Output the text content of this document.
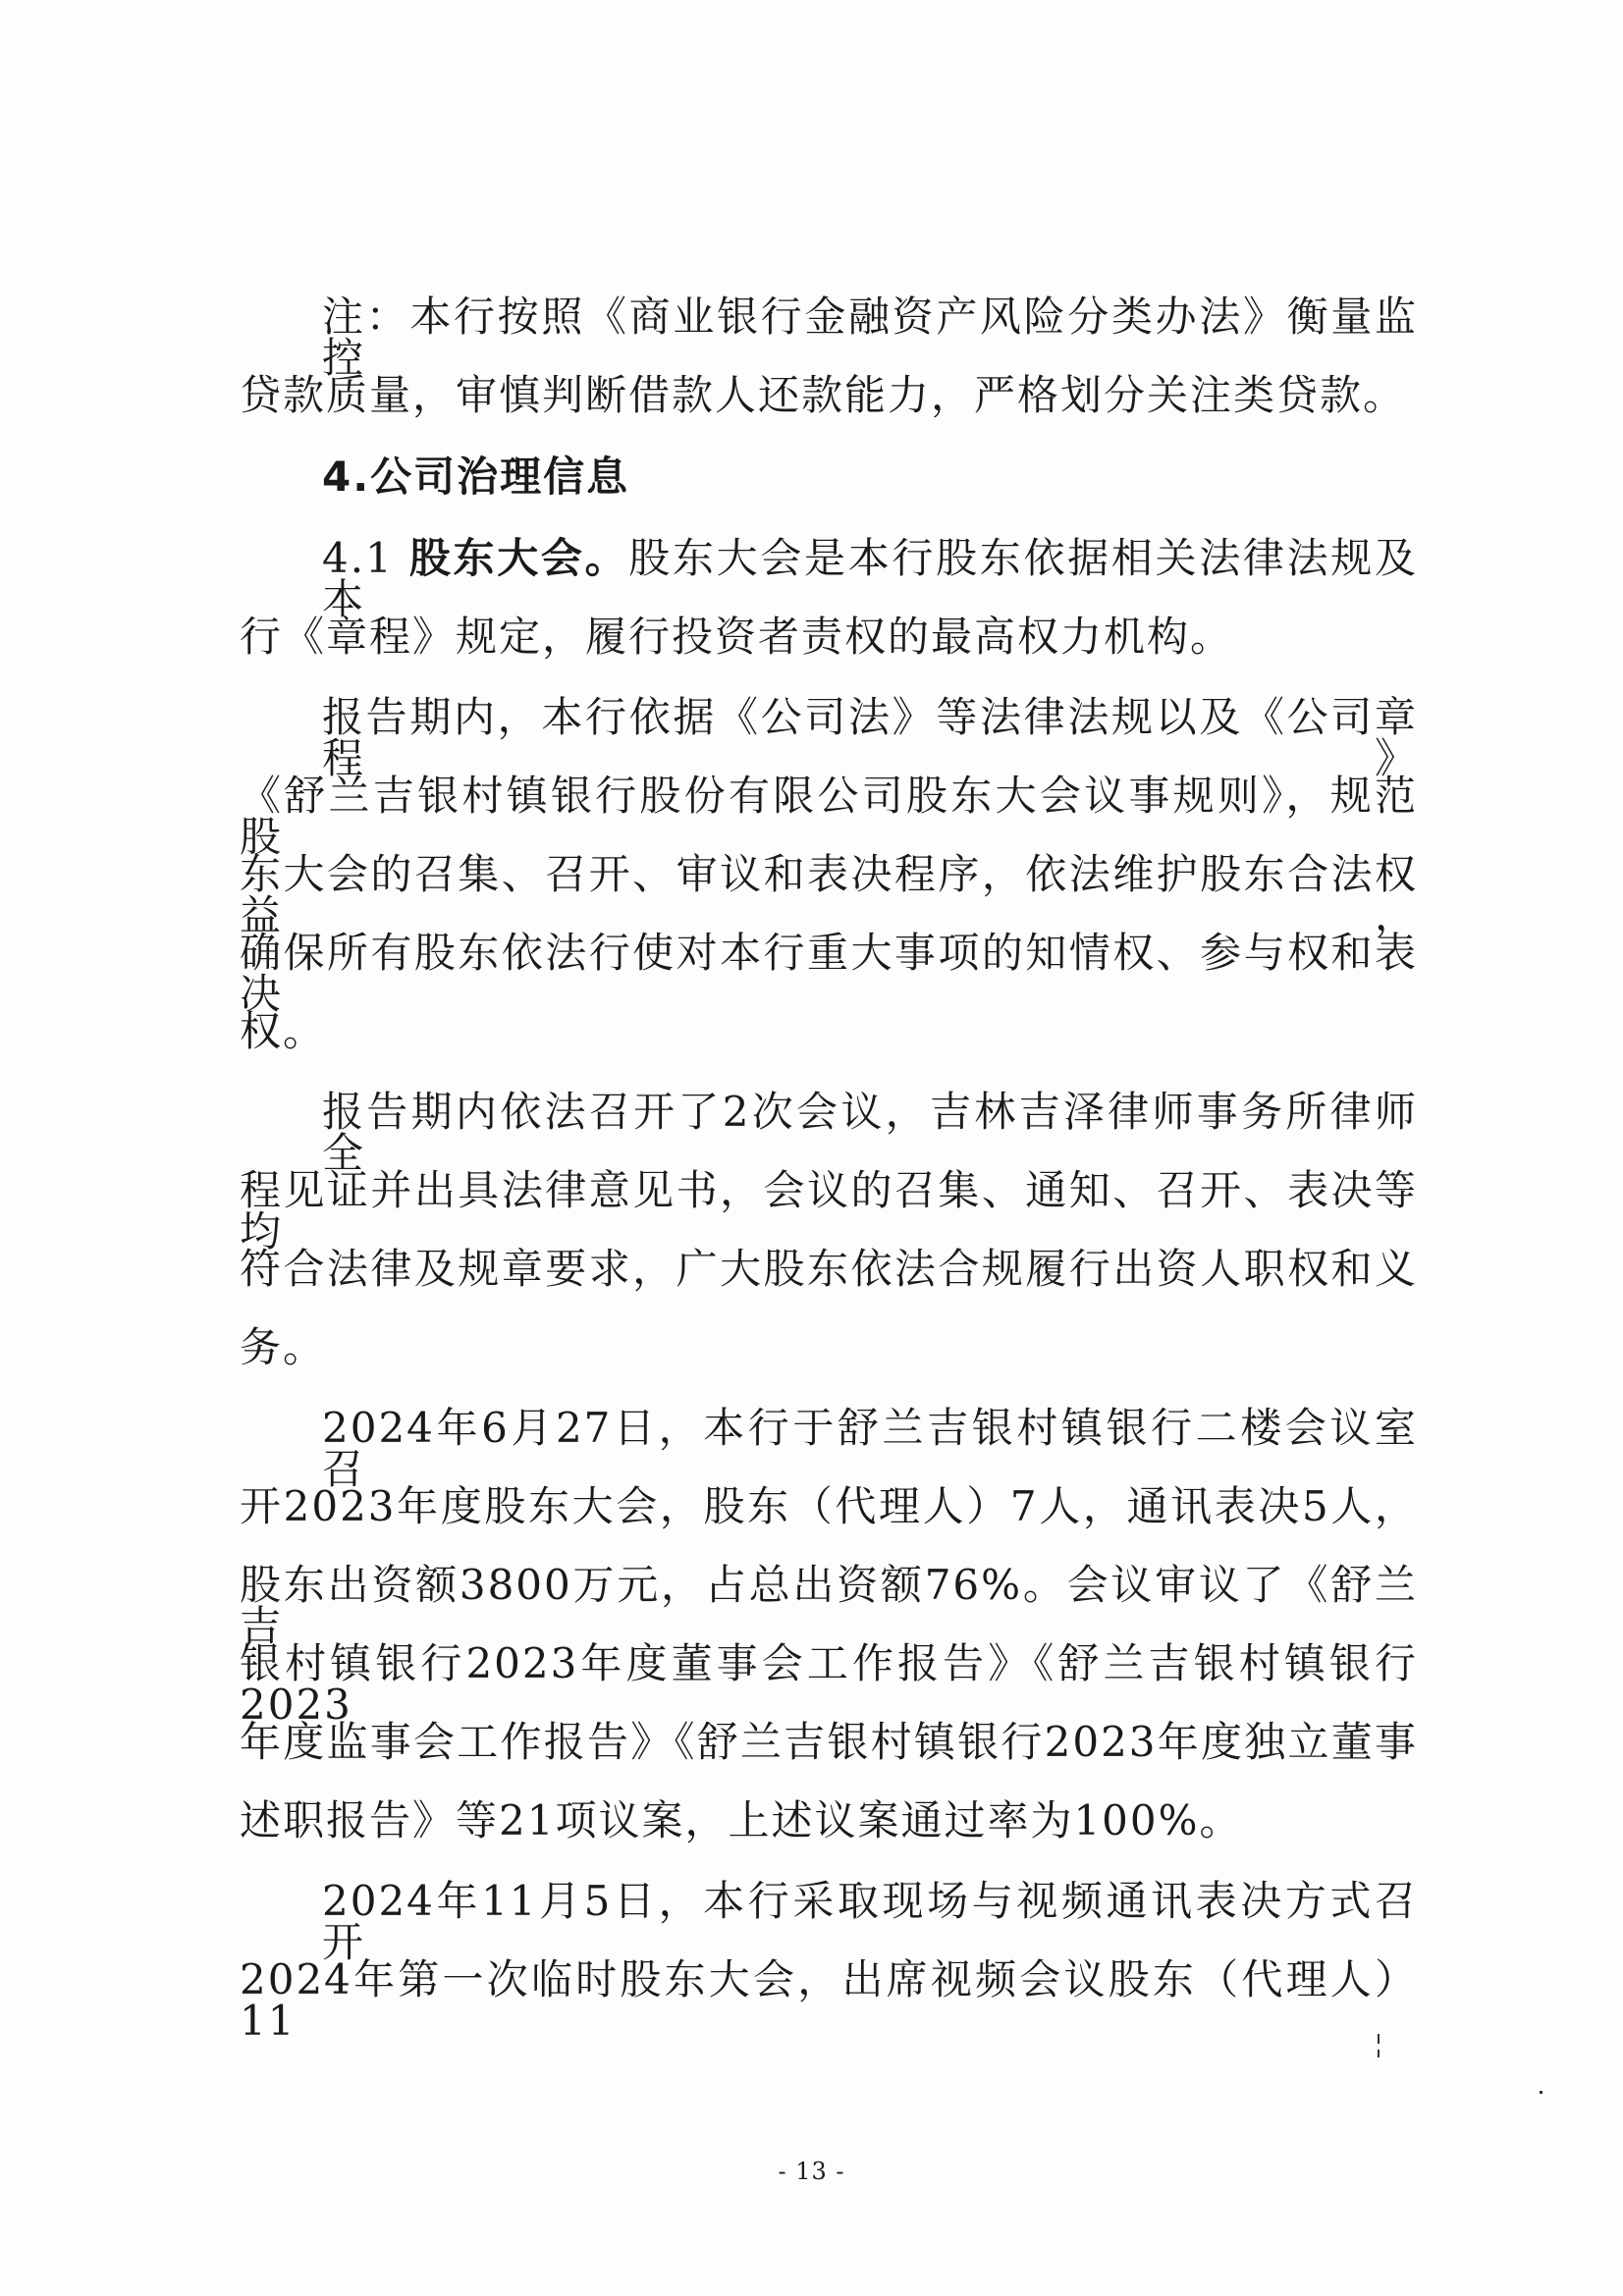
注：本行按照《商业银行金融资产风险分类办法》衡量监控
贷款质量，审慎判断借款人还款能力，严格划分关注类贷款。
4.公司治理信息
4.1 股东大会。股东大会是本行股东依据相关法律法规及本
行《章程》规定，履行投资者责权的最高权力机构。
报告期内，本行依据《公司法》等法律法规以及《公司章程》
《舒兰吉银村镇银行股份有限公司股东大会议事规则》，规范股
东大会的召集、召开、审议和表决程序，依法维护股东合法权益，
确保所有股东依法行使对本行重大事项的知情权、参与权和表决
权。
报告期内依法召开了2次会议，吉林吉泽律师事务所律师全
程见证并出具法律意见书，会议的召集、通知、召开、表决等均
符合法律及规章要求，广大股东依法合规履行出资人职权和义
务。
2024年6月27日，本行于舒兰吉银村镇银行二楼会议室召
开2023年度股东大会，股东（代理人）7人，通讯表决5人，
股东出资额3800万元，占总出资额76%。会议审议了《舒兰吉
银村镇银行2023年度董事会工作报告》《舒兰吉银村镇银行2023
年度监事会工作报告》《舒兰吉银村镇银行2023年度独立董事
述职报告》等21项议案，上述议案通过率为100%。
2024年11月5日，本行采取现场与视频通讯表决方式召开
2024年第一次临时股东大会，出席视频会议股东（代理人）11
- 13 -
